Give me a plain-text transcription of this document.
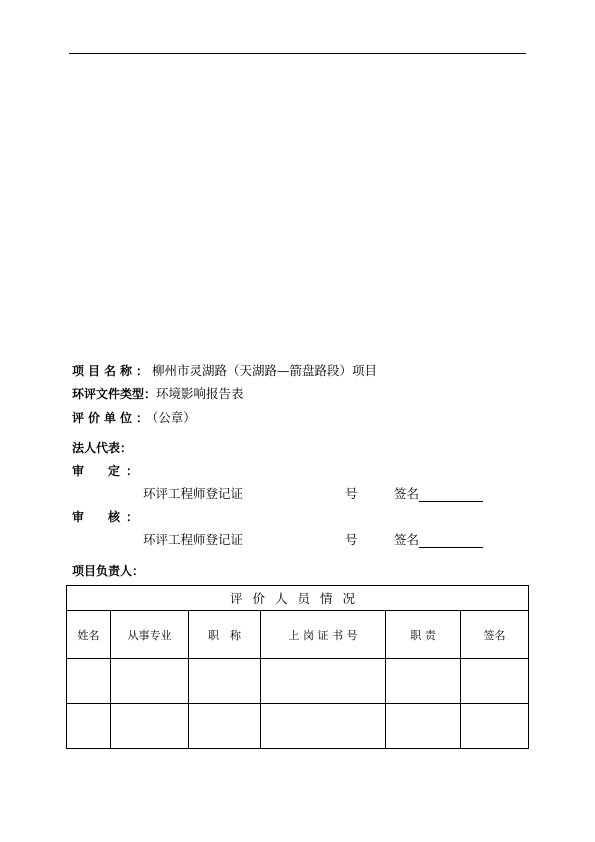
项目名称：柳州市灵湖路（天湖路—箭盘路段）项目
环评文件类型：环境影响报告表
评价单位：（公章）
法人代表：
审　定：
环评工程师登记证	号	签名
审　核：
环评工程师登记证	号	签名
项目负责人：
评价人员情况					
姓名	从事专业	职　称	上 岗 证 书 号	职 责	签名
